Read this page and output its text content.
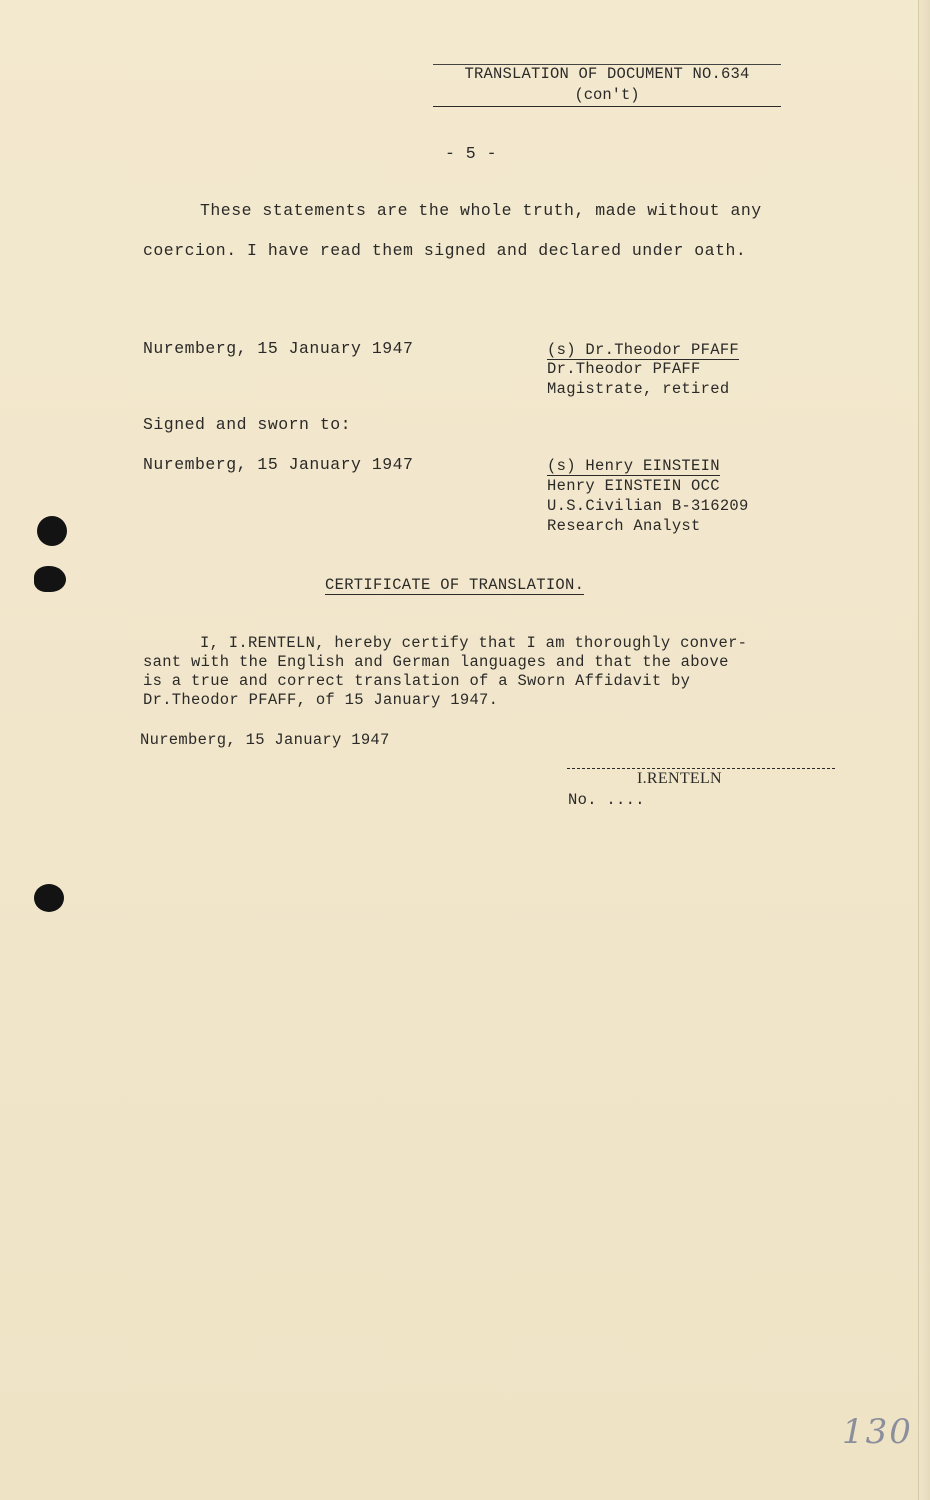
TRANSLATION OF DOCUMENT NO.634
(con't)
- 5 -
These statements are the whole truth, made without any
coercion. I have read them signed and declared under oath.
Nuremberg, 15 January 1947	(s) Dr.Theodor PFAFF
Dr.Theodor PFAFF
Magistrate, retired
Signed and sworn to:
Nuremberg, 15 January 1947	(s) Henry EINSTEIN
Henry EINSTEIN OCC
U.S.Civilian B-316209
Research Analyst
CERTIFICATE OF TRANSLATION.
I, I.RENTELN, hereby certify that I am thoroughly conver-
sant with the English and German languages and that the above
is a true and correct translation of a Sworn Affidavit by
Dr.Theodor PFAFF, of 15 January 1947.
Nuremberg, 15 January 1947
I.RENTELN
No. ....
130
